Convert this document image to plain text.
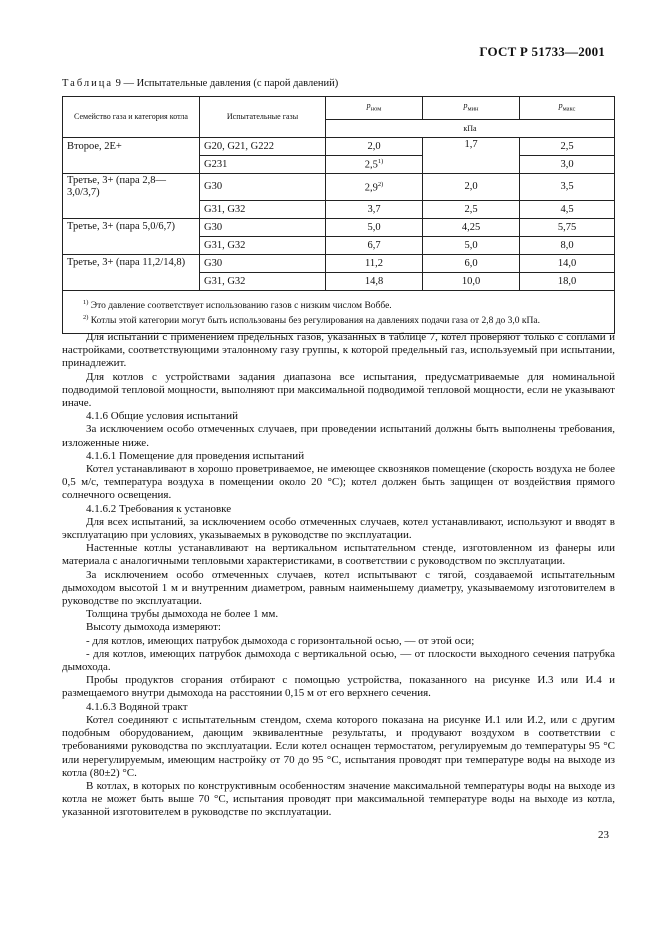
ГОСТ Р 51733—2001
Таблица 9 — Испытательные давления (с парой давлений)
Семейство газа и категория котла	Испытательные газы	$p_{ном}$	$p_{мин}$	$p_{макс}$
		кПа		
Второе, 2Е+	G20, G21, G222	2,0	1,7	2,5
	G231	2,5$^{1)}$		3,0
Третье, 3+ (пара 2,8—3,0/3,7)	G30	2,9$^{2)}$	2,0	3,5
	G31, G32	3,7	2,5	4,5
Третье, 3+ (пара 5,0/6,7)	G30	5,0	4,25	5,75
	G31, G32	6,7	5,0	8,0
Третье, 3+ (пара 11,2/14,8)	G30	11,2	6,0	14,0
	G31, G32	14,8	10,0	18,0

$^{1)}$ Это давление соответствует использованию газов с низким числом Воббе.
$^{2)}$ Котлы этой категории могут быть использованы без регулирования на давлениях подачи газа от 2,8 до 3,0 кПа.				

Для испытаний с применением предельных газов, указанных в таблице 7, котел проверяют только с соплами и настройками, соответствующими эталонному газу группы, к которой предельный газ, используемый при испытании, принадлежит.

Для котлов с устройствами задания диапазона все испытания, предусматриваемые для номинальной подводимой тепловой мощности, выполняют при максимальной подводимой тепловой мощности, если не указывают иначе.

4.1.6 Общие условия испытаний

За исключением особо отмеченных случаев, при проведении испытаний должны быть выполнены требования, изложенные ниже.

4.1.6.1 Помещение для проведения испытаний

Котел устанавливают в хорошо проветриваемое, не имеющее сквозняков помещение (скорость воздуха не более 0,5 м/с, температура воздуха в помещении около 20 °С); котел должен быть защищен от воздействия прямого солнечного освещения.

4.1.6.2 Требования к установке

Для всех испытаний, за исключением особо отмеченных случаев, котел устанавливают, используют и вводят в эксплуатацию при условиях, указываемых в руководстве по эксплуатации.

Настенные котлы устанавливают на вертикальном испытательном стенде, изготовленном из фанеры или материала с аналогичными тепловыми характеристиками, в соответствии с руководством по эксплуатации.

За исключением особо отмеченных случаев, котел испытывают с тягой, создаваемой испытательным дымоходом высотой 1 м и внутренним диаметром, равным наименьшему диаметру, указываемому изготовителем в руководстве по эксплуатации.

Толщина трубы дымохода не более 1 мм.

Высоту дымохода измеряют:

- для котлов, имеющих патрубок дымохода с горизонтальной осью, — от этой оси;

- для котлов, имеющих патрубок дымохода с вертикальной осью, — от плоскости выходного сечения патрубка дымохода.

Пробы продуктов сгорания отбирают с помощью устройства, показанного на рисунке И.3 или И.4 и размещаемого внутри дымохода на расстоянии 0,15 м от его верхнего сечения.

4.1.6.3 Водяной тракт

Котел соединяют с испытательным стендом, схема которого показана на рисунке И.1 или И.2, или с другим подобным оборудованием, дающим эквивалентные результаты, и продувают воздухом в соответствии с требованиями руководства по эксплуатации. Если котел оснащен термостатом, регулируемым до температуры 95 °С или нерегулируемым, имеющим настройку от 70 до 95 °С, испытания проводят при температуре воды на выходе из котла (80±2) °С.

В котлах, в которых по конструктивным особенностям значение максимальной температуры воды на выходе из котла не может быть выше 70 °С, испытания проводят при максимальной температуре воды на выходе из котла, указанной изготовителем в руководстве по эксплуатации.

23
